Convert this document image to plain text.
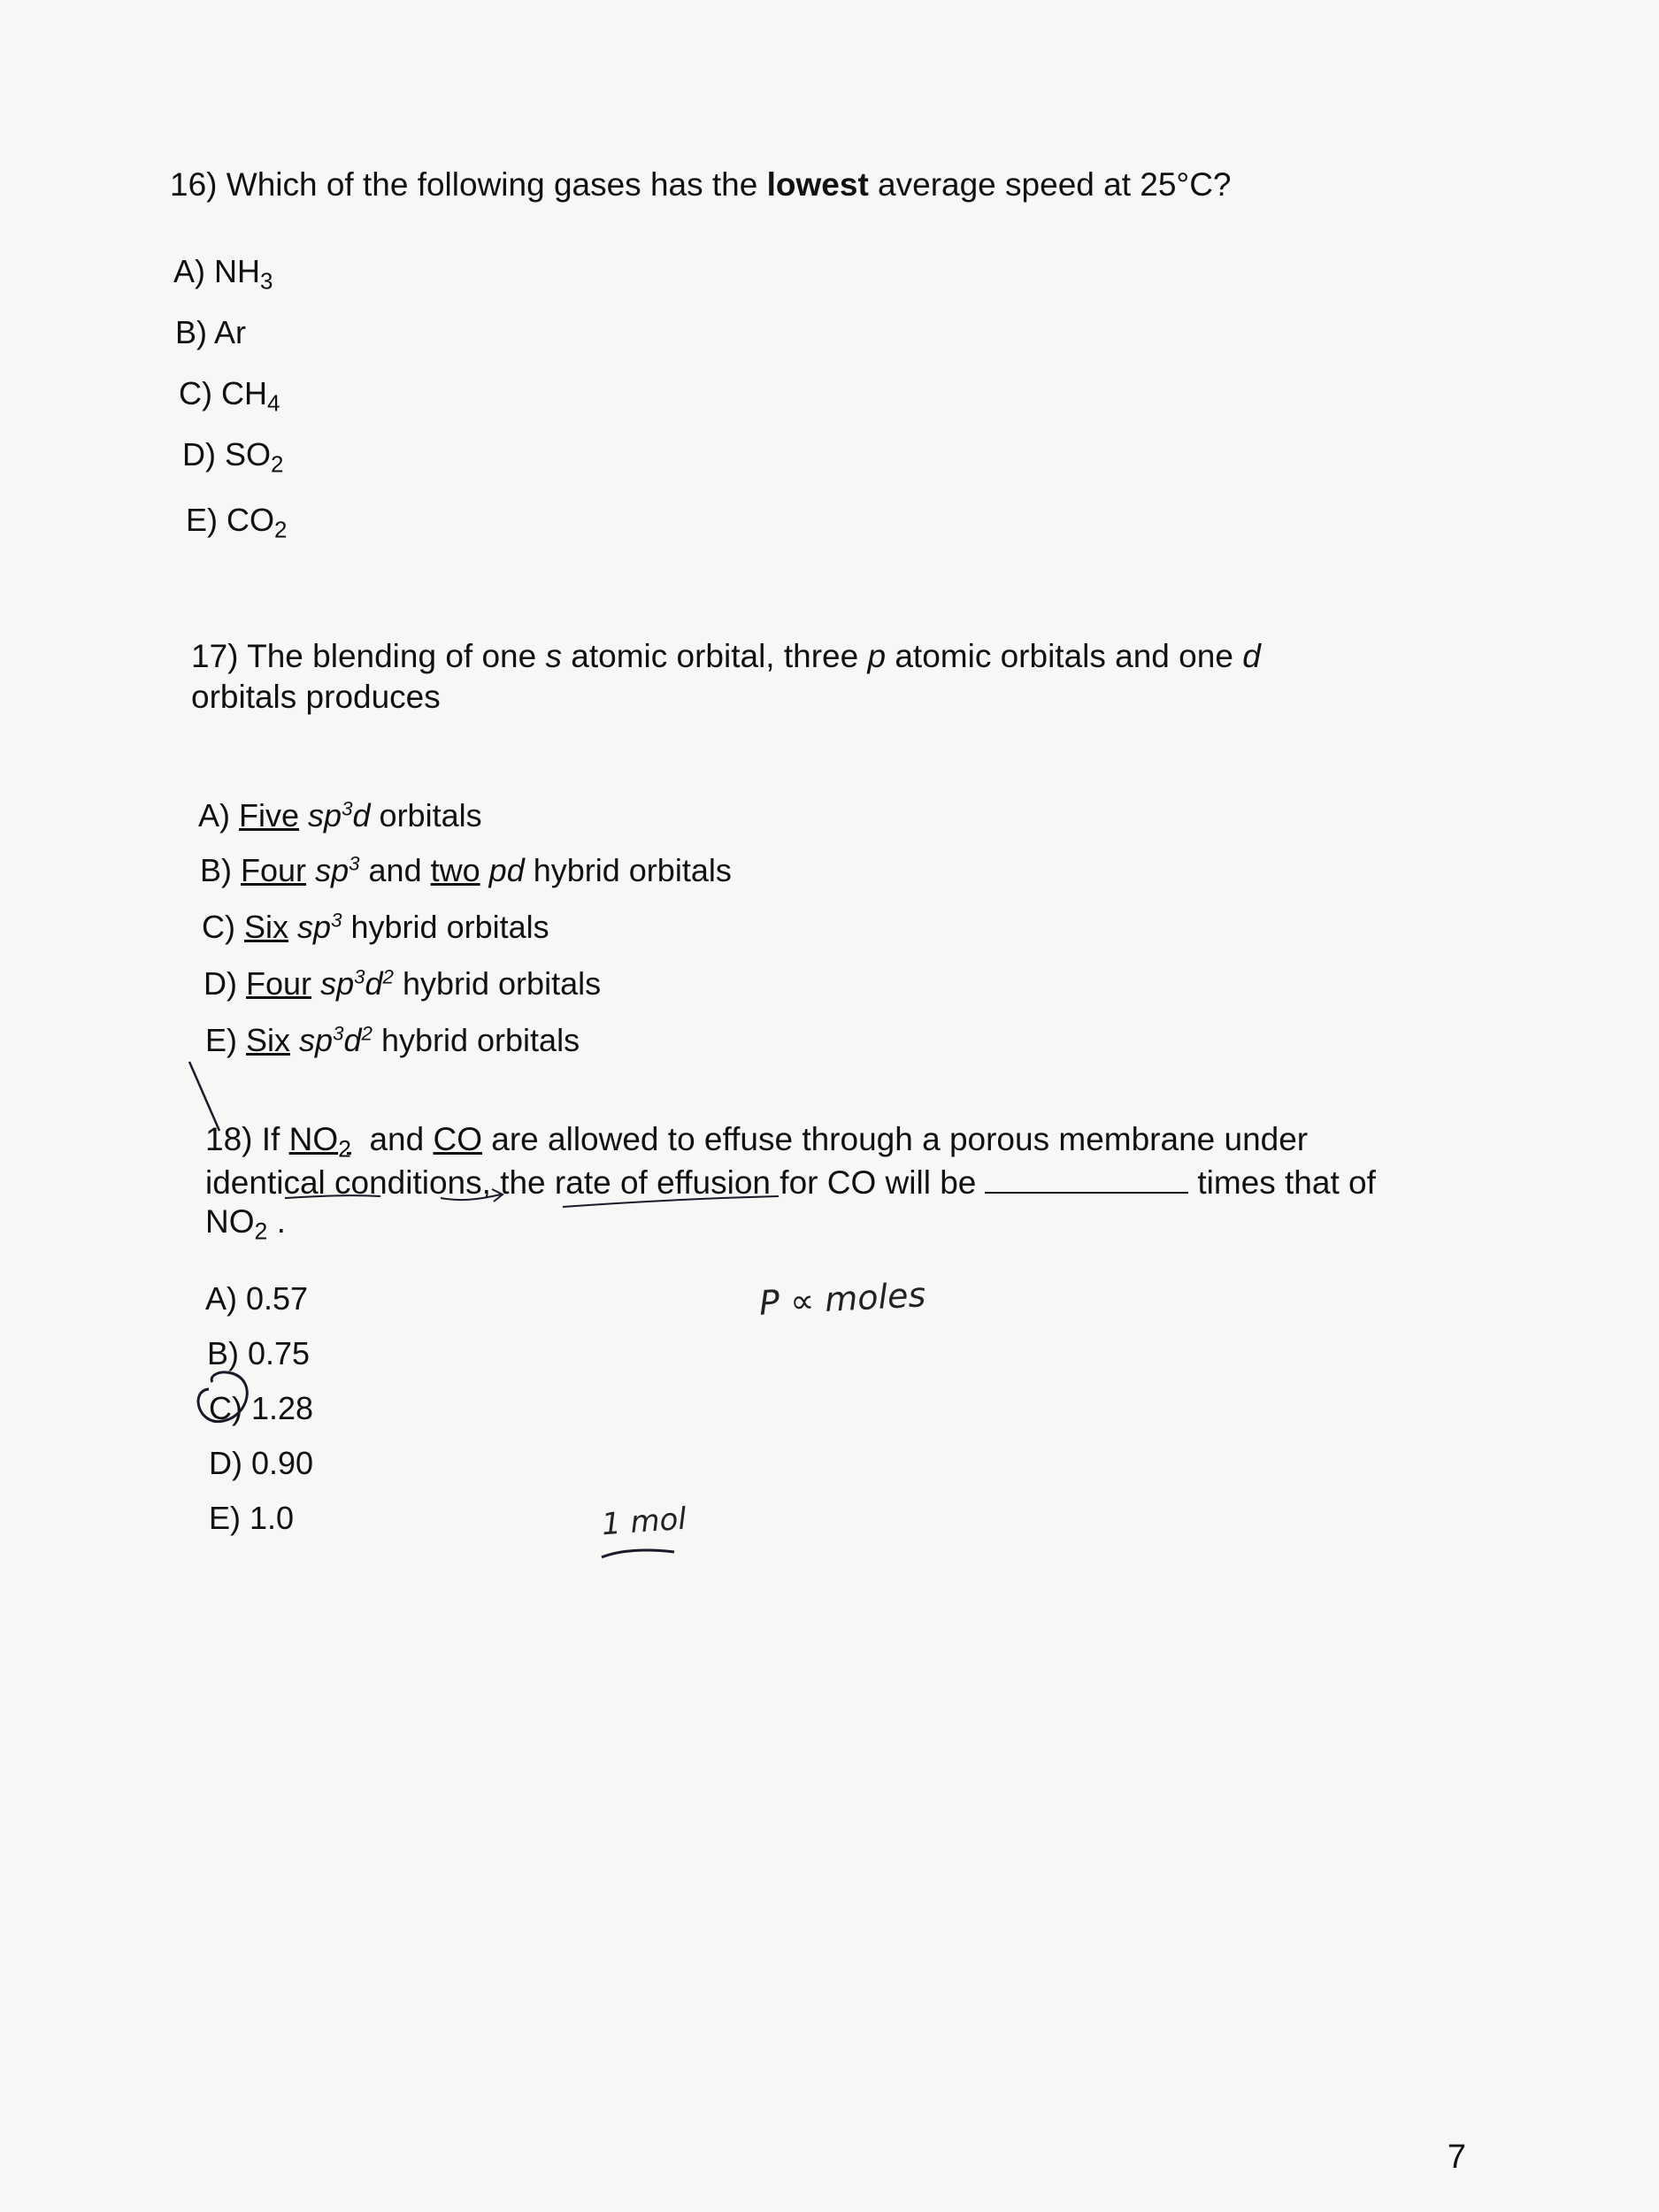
16) Which of the following gases has the lowest average speed at 25°C?
A) $NH_3$
B) Ar
C) $CH_4$
D) $SO_2$
E) $CO_2$
17) The blending of one s atomic orbital, three p atomic orbitals and one d
orbitals produces
A) Five $sp^3d$ orbitals
B) Four $sp^3$ and two pd hybrid orbitals
C) Six $sp^3$ hybrid orbitals
D) Four $sp^3d^2$ hybrid orbitals
E) Six $sp^3d^2$ hybrid orbitals
18) If $NO_2$ and CO are allowed to effuse through a porous membrane under
identical conditions, the rate of effusion for CO will be	times that of
$NO_2$ .
A) 0.57
B) 0.75
C) 1.28
D) 0.90
E) 1.0
P ∝ moles
1 mol
7
